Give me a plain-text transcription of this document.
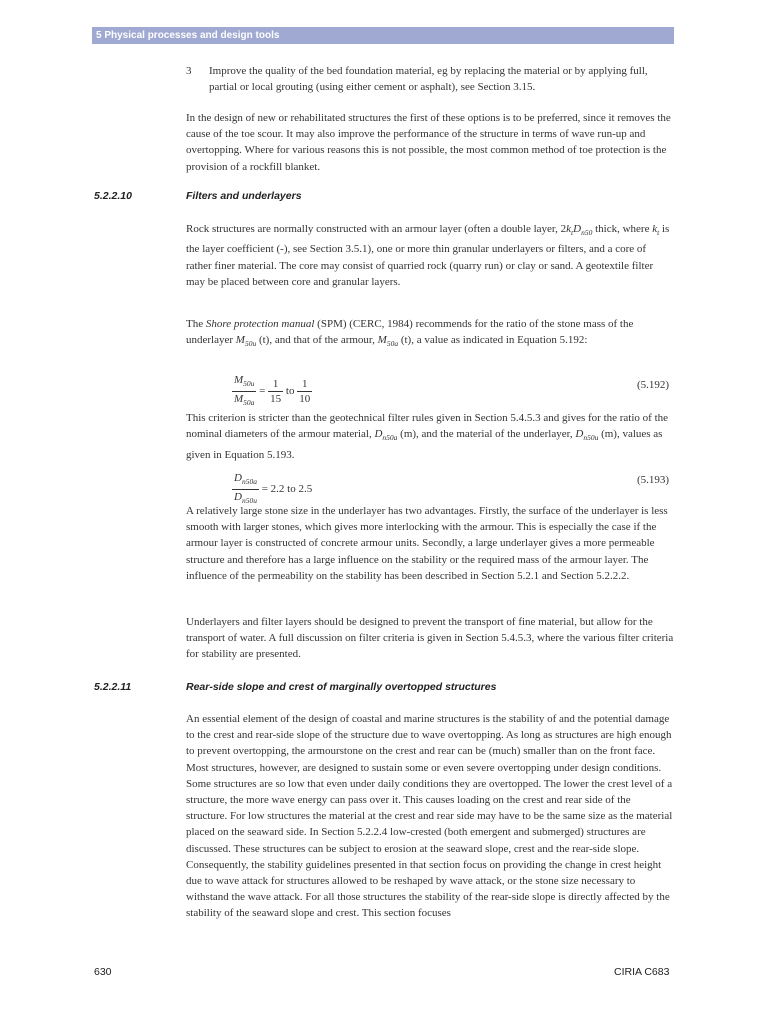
5 Physical processes and design tools
3 Improve the quality of the bed foundation material, eg by replacing the material or by applying full, partial or local grouting (using either cement or asphalt), see Section 3.15.

In the design of new or rehabilitated structures the first of these options is to be preferred, since it removes the cause of the toe scour. It may also improve the performance of the structure in terms of wave run-up and overtopping. Where for various reasons this is not possible, the most common method of toe protection is the provision of a rockfill blanket.

5.2.2.10	Filters and underlayers

Rock structures are normally constructed with an armour layer (often a double layer, $2k_tD_{n50}$ thick, where $k_t$ is the layer coefficient (-), see Section 3.5.1), one or more thin granular underlayers or filters, and a core of rather finer material. The core may consist of quarried rock (quarry run) or clay or sand. A geotextile filter may be placed between core and granular layers.

The Shore protection manual (SPM) (CERC, 1984) recommends for the ratio of the stone mass of the underlayer $M_{50u}$ (t), and that of the armour, $M_{50a}$ (t), a value as indicated in Equation 5.192:

$\frac{M_{50u}}{M_{50a}} = \frac{1}{15}$ to $\frac{1}{10}$	(5.192)

This criterion is stricter than the geotechnical filter rules given in Section 5.4.5.3 and gives for the ratio of the nominal diameters of the armour material, $D_{n50a}$ (m), and the material of the underlayer, $D_{n50u}$ (m), values as given in Equation 5.193.

$\frac{D_{n50a}}{D_{n50u}} = 2.2$ to 2.5
(5.193)

A relatively large stone size in the underlayer has two advantages. Firstly, the surface of the underlayer is less smooth with larger stones, which gives more interlocking with the armour. This is especially the case if the armour layer is constructed of concrete armour units. Secondly, a large underlayer gives a more permeable structure and therefore has a large influence on the stability or the required mass of the armour layer. The influence of the permeability on the stability has been described in Section 5.2.1 and Section 5.2.2.2.

Underlayers and filter layers should be designed to prevent the transport of fine material, but allow for the transport of water. A full discussion on filter criteria is given in Section 5.4.5.3, where the various filter criteria for stability are presented.

5.2.2.11	Rear-side slope and crest of marginally overtopped structures

An essential element of the design of coastal and marine structures is the stability of and the potential damage to the crest and rear-side slope of the structure due to wave overtopping. As long as structures are high enough to prevent overtopping, the armourstone on the crest and rear can be (much) smaller than on the front face. Most structures, however, are designed to sustain some or even severe overtopping under design conditions. Some structures are so low that even under daily conditions they are overtopped. The lower the crest level of a structure, the more wave energy can pass over it. This causes loading on the crest and rear side of the structure. For low structures the material at the crest and rear side may have to be the same size as the material placed on the seaward side. In Section 5.2.2.4 low-crested (both emergent and submerged) structures are discussed. These structures can be subject to erosion at the seaward slope, crest and the rear-side slope. Consequently, the stability guidelines presented in that section focus on providing the change in crest height due to wave attack for structures allowed to be reshaped by wave attack, or the stone size necessary to withstand the wave attack. For all those structures the stability of the rear-side slope is directly affected by the stability of the seaward slope and crest. This section focuses

630	CIRIA C683
